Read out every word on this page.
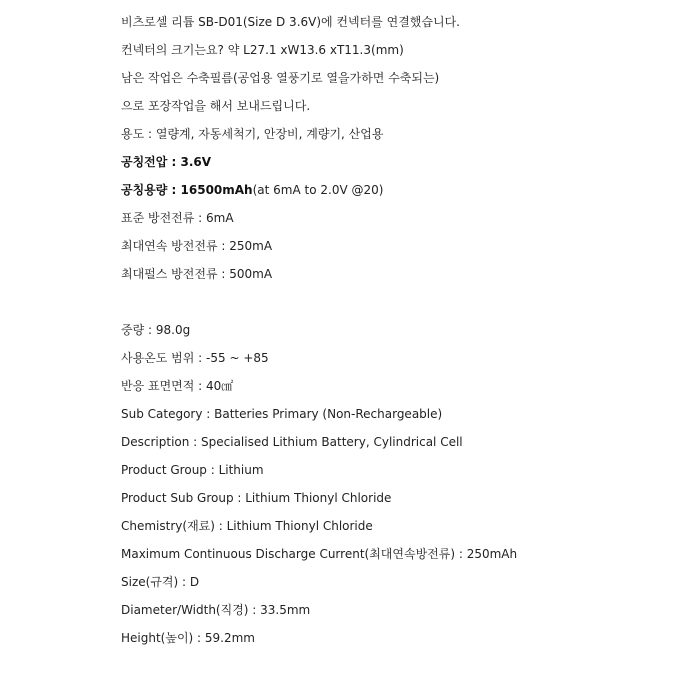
비츠로셀 리튬 SB-D01(Size D 3.6V)에 컨넥터를 연결했습니다.
컨넥터의 크기는요? 약 L27.1 xW13.6 xT11.3(mm)
남은 작업은 수축필름(공업용 열풍기로 열을가하면 수축되는)
으로 포장작업을 해서 보내드립니다.
용도 : 열량계, 자동세척기, 안장비, 계량기, 산업용
공칭전압 : 3.6V
공칭용량 : 16500mAh(at 6mA to 2.0V @20)
표준 방전전류 : 6mA
최대연속 방전전류 : 250mA
최대펄스 방전전류 : 500mA
중량 : 98.0g
사용온도 범위 : -55 ~ +85
반응 표면면적 : 40㎠
Sub Category : Batteries Primary (Non-Rechargeable)
Description : Specialised Lithium Battery, Cylindrical Cell
Product Group : Lithium
Product Sub Group : Lithium Thionyl Chloride
Chemistry(재료) : Lithium Thionyl Chloride
Maximum Continuous Discharge Current(최대연속방전류) : 250mAh
Size(규격) : D
Diameter/Width(직경) : 33.5mm
Height(높이) : 59.2mm
